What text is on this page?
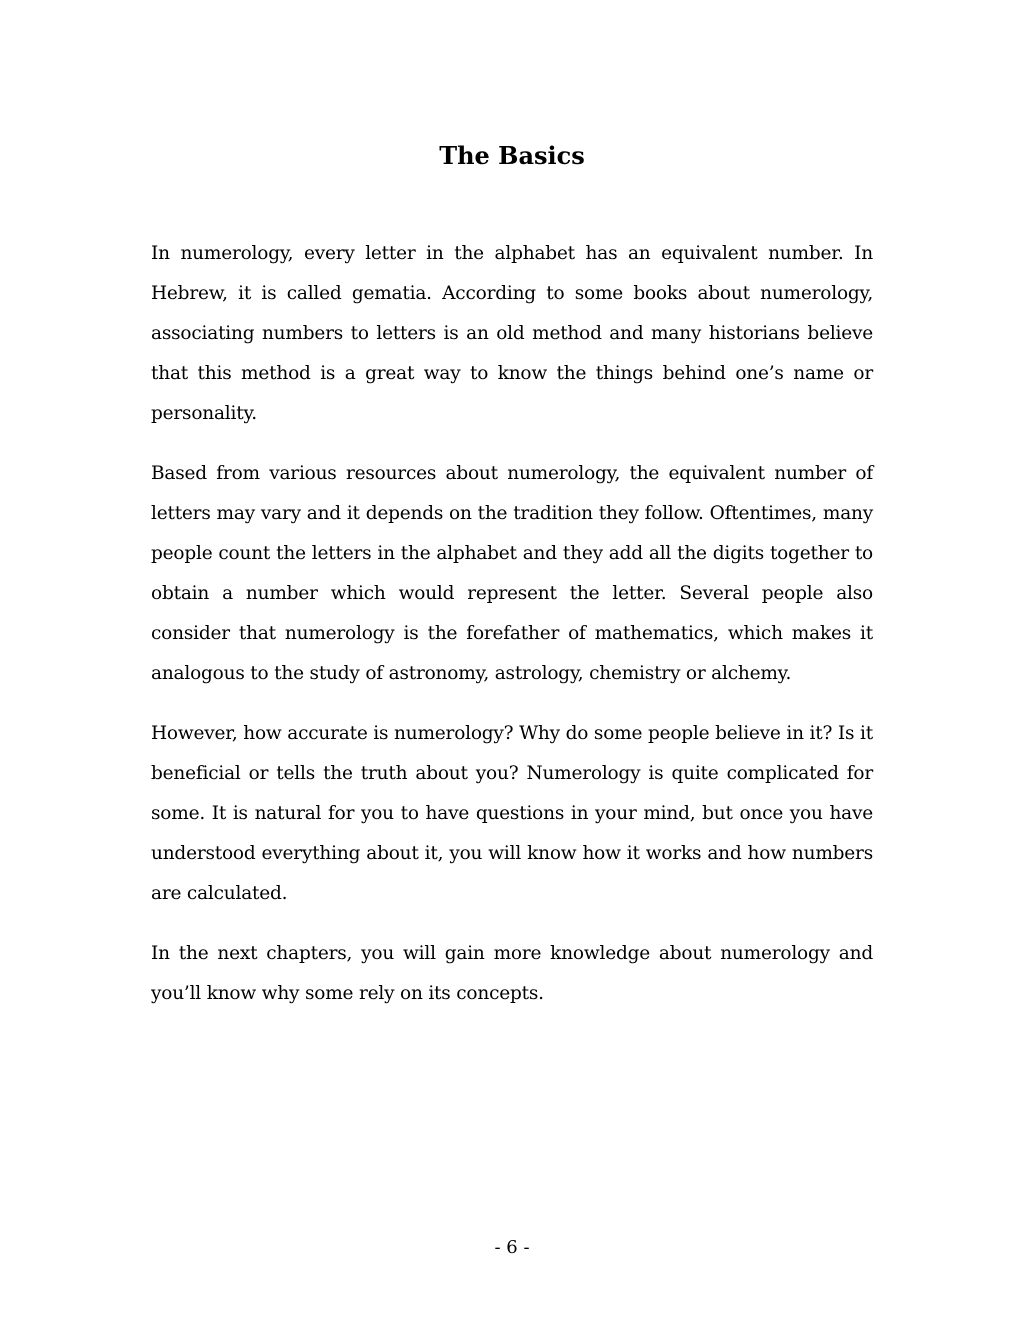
The Basics

In numerology, every letter in the alphabet has an equivalent number. In Hebrew, it is called gematia. According to some books about numerology, associating numbers to letters is an old method and many historians believe that this method is a great way to know the things behind one’s name or personality.

Based from various resources about numerology, the equivalent number of letters may vary and it depends on the tradition they follow. Oftentimes, many people count the letters in the alphabet and they add all the digits together to obtain a number which would represent the letter. Several people also consider that numerology is the forefather of mathematics, which makes it analogous to the study of astronomy, astrology, chemistry or alchemy.

However, how accurate is numerology? Why do some people believe in it? Is it beneficial or tells the truth about you? Numerology is quite complicated for some. It is natural for you to have questions in your mind, but once you have understood everything about it, you will know how it works and how numbers are calculated.

In the next chapters, you will gain more knowledge about numerology and you’ll know why some rely on its concepts.

- 6 -
